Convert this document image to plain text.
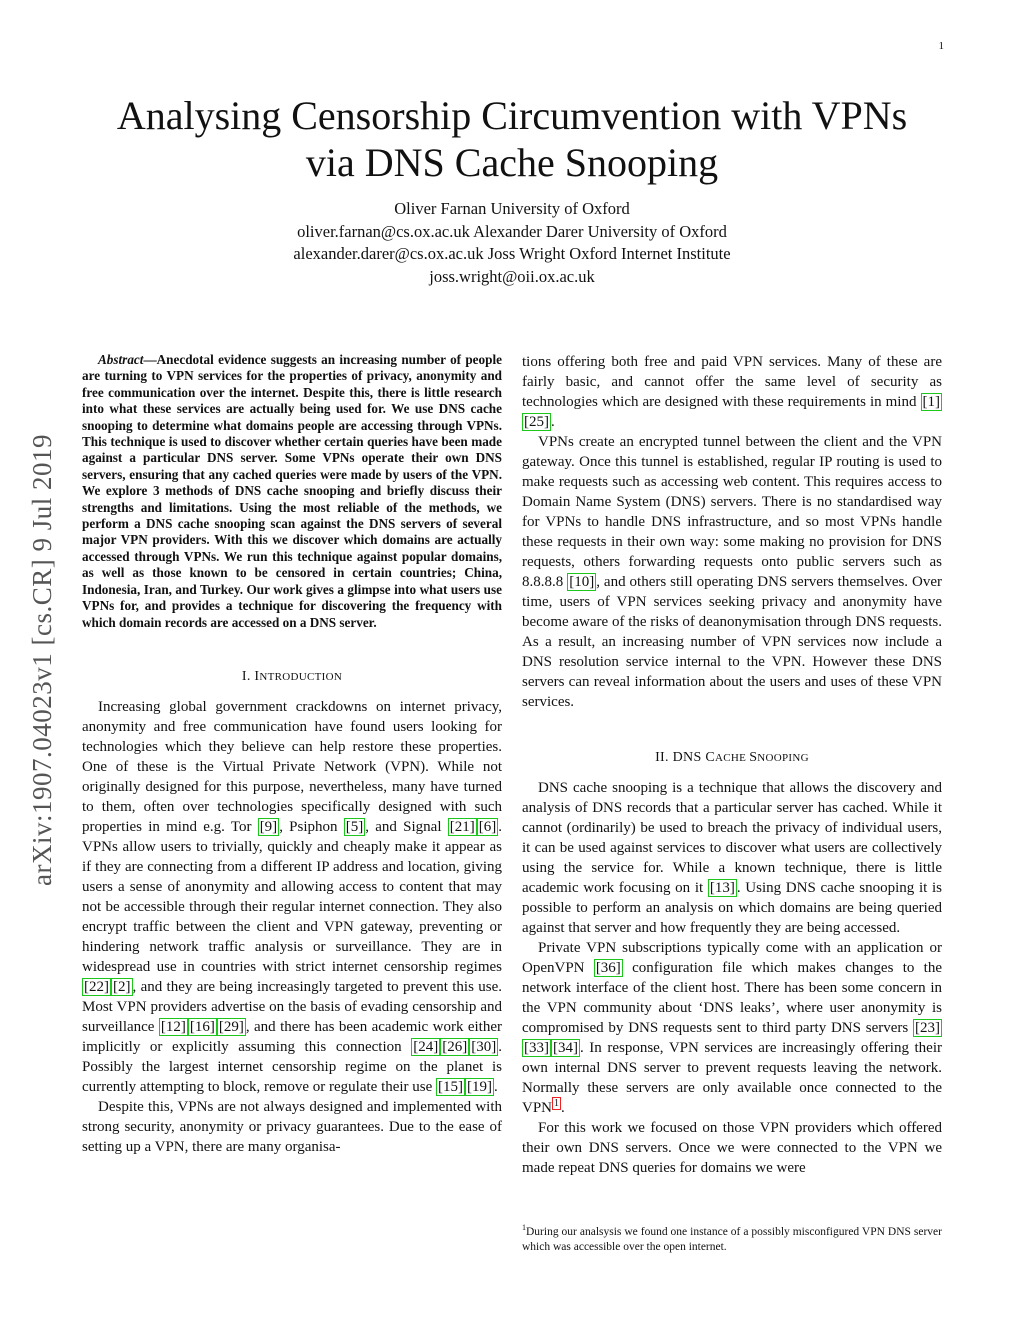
1
Analysing Censorship Circumvention with VPNs
via DNS Cache Snooping
Oliver Farnan University of Oxford
oliver.farnan@cs.ox.ac.uk Alexander Darer University of Oxford
alexander.darer@cs.ox.ac.uk Joss Wright Oxford Internet Institute
joss.wright@oii.ox.ac.uk
arXiv:1907.04023v1 [cs.CR] 9 Jul 2019

Abstract—Anecdotal evidence suggests an increasing number of people are turning to VPN services for the properties of privacy, anonymity and free communication over the internet. Despite this, there is little research into what these services are actually being used for. We use DNS cache snooping to determine what domains people are accessing through VPNs. This technique is used to discover whether certain queries have been made against a particular DNS server. Some VPNs operate their own DNS servers, ensuring that any cached queries were made by users of the VPN. We explore 3 methods of DNS cache snooping and briefly discuss their strengths and limitations. Using the most reliable of the methods, we perform a DNS cache snooping scan against the DNS servers of several major VPN providers. With this we discover which domains are actually accessed through VPNs. We run this technique against popular domains, as well as those known to be censored in certain countries; China, Indonesia, Iran, and Turkey. Our work gives a glimpse into what users use VPNs for, and provides a technique for discovering the frequency with which domain records are accessed on a DNS server.

I. INTRODUCTION

Increasing global government crackdowns on internet privacy, anonymity and free communication have found users looking for technologies which they believe can help restore these properties. One of these is the Virtual Private Network (VPN). While not originally designed for this purpose, nevertheless, many have turned to them, often over technologies specifically designed with such properties in mind e.g. Tor [9] , Psiphon [5] , and Signal [21] [6] . VPNs allow users to trivially, quickly and cheaply make it appear as if they are connecting from a different IP address and location, giving users a sense of anonymity and allowing access to content that may not be accessible through their regular internet connection. They also encrypt traffic between the client and VPN gateway, preventing or hindering network traffic analysis or surveillance. They are in widespread use in countries with strict internet censorship regimes [22] [2] , and they are being increasingly targeted to prevent this use. Most VPN providers advertise on the basis of evading censorship and surveillance [12] [16] [29] , and there has been academic work either implicitly or explicitly assuming this connection [24] [26] [30] . Possibly the largest internet censorship regime on the planet is currently attempting to block, remove or regulate their use [15] [19] .

Despite this, VPNs are not always designed and implemented with strong security, anonymity or privacy guarantees. Due to the ease of setting up a VPN, there are many organisa-

tions offering both free and paid VPN services. Many of these are fairly basic, and cannot offer the same level of security as technologies which are designed with these requirements in mind [1][25] .

VPNs create an encrypted tunnel between the client and the VPN gateway. Once this tunnel is established, regular IP routing is used to make requests such as accessing web content. This requires access to Domain Name System (DNS) servers. There is no standardised way for VPNs to handle DNS infrastructure, and so most VPNs handle these requests in their own way: some making no provision for DNS requests, others forwarding requests onto public servers such as 8.8.8.8 [10] , and others still operating DNS servers themselves. Over time, users of VPN services seeking privacy and anonymity have become aware of the risks of deanonymisation through DNS requests. As a result, an increasing number of VPN services now include a DNS resolution service internal to the VPN. However these DNS servers can reveal information about the users and uses of these VPN services.

II. DNS CACHE SNOOPING

DNS cache snooping is a technique that allows the discovery and analysis of DNS records that a particular server has cached. While it cannot (ordinarily) be used to breach the privacy of individual users, it can be used against services to discover what users are collectively using the service for. While a known technique, there is little academic work focusing on it [13] . Using DNS cache snooping it is possible to perform an analysis on which domains are being queried against that server and how frequently they are being accessed.

Private VPN subscriptions typically come with an application or OpenVPN [36] configuration file which makes changes to the network interface of the client host. There has been some concern in the VPN community about ‘DNS leaks’, where user anonymity is compromised by DNS requests sent to third party DNS servers [23][33] [34] . In response, VPN services are increasingly offering their own internal DNS server to prevent requests leaving the network. Normally these servers are only available once connected to the VPN $^1$ .

For this work we focused on those VPN providers which offered their own DNS servers. Once we were connected to the VPN we made repeat DNS queries for domains we were

$^1$During our analsysis we found one instance of a possibly misconfigured VPN DNS server which was accessible over the open internet.
